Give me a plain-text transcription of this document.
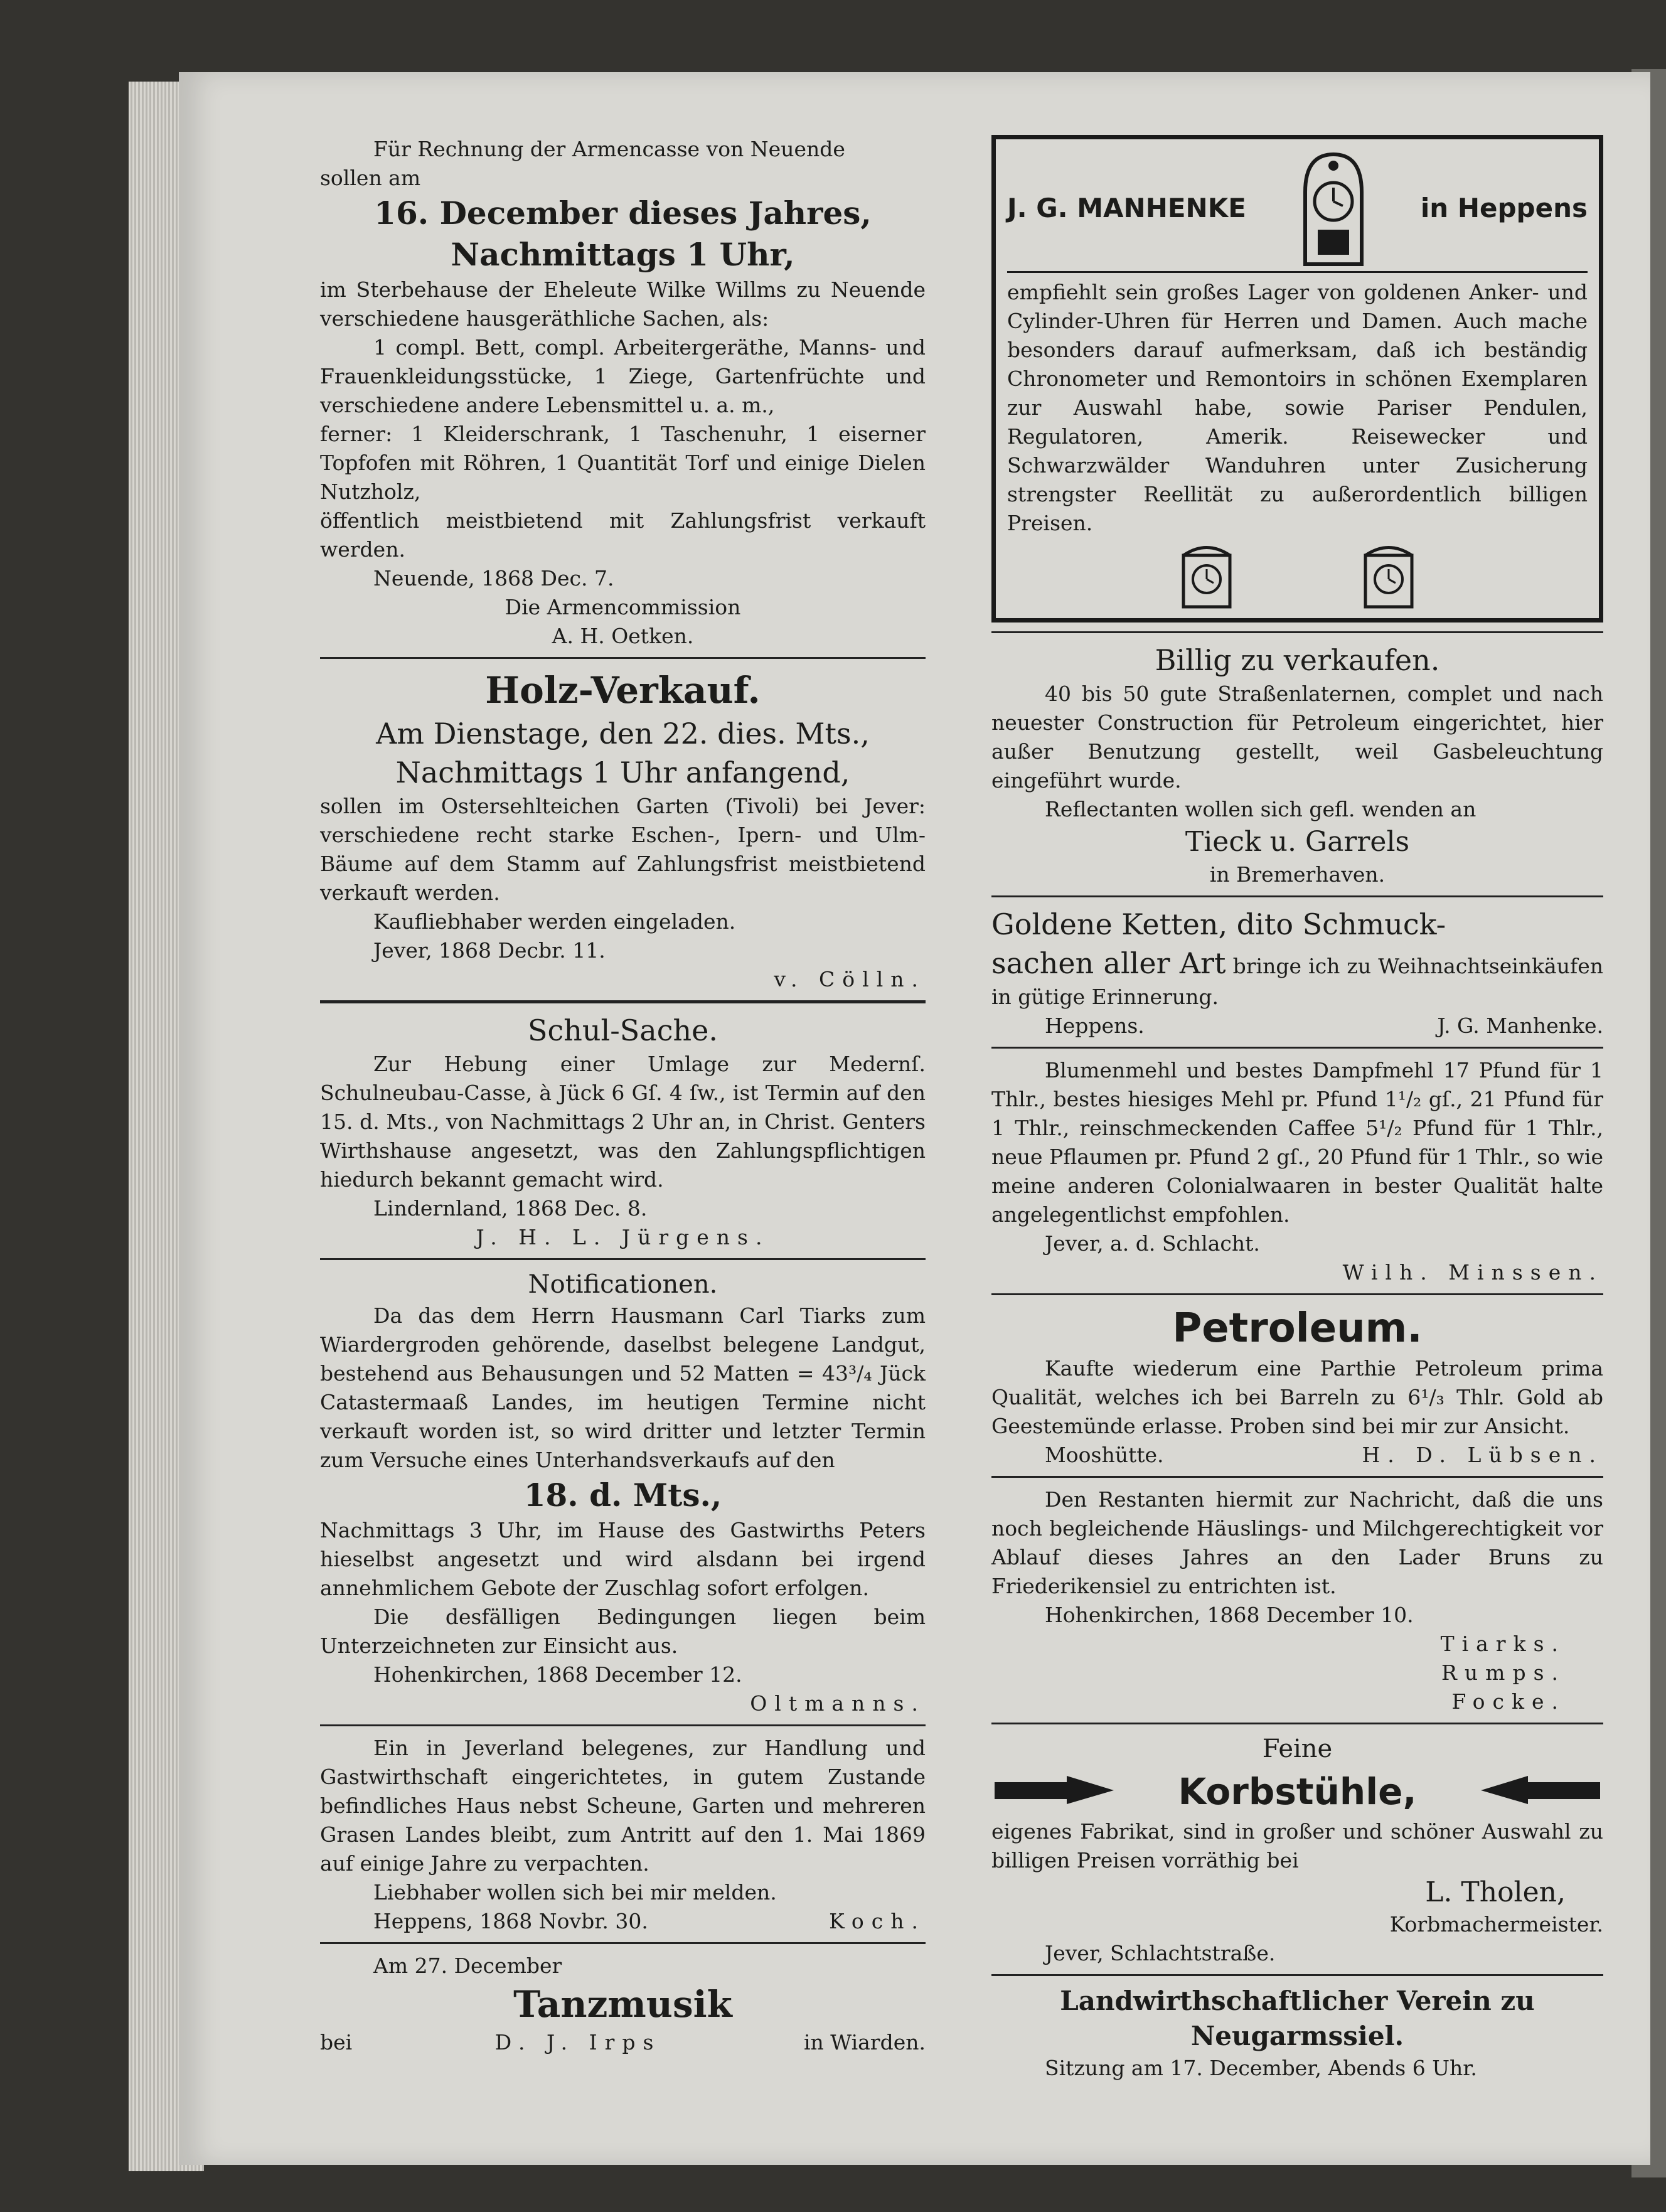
Für Rechnung der Armencasse von Neuende

sollen am

16. December dieses Jahres,

Nachmittags 1 Uhr,

im Sterbehause der Eheleute Wilke Willms zu Neuende verschiedene hausgeräthliche Sachen, als:

1 compl. Bett, compl. Arbeitergeräthe, Manns- und Frauenkleidungsstücke, 1 Ziege, Gartenfrüchte und verschiedene andere Lebensmittel u. a. m.,

ferner: 1 Kleiderschrank, 1 Taschenuhr, 1 eiserner Topfofen mit Röhren, 1 Quantität Torf und einige Dielen Nutzholz,

öffentlich meistbietend mit Zahlungsfrist verkauft werden.

Neuende, 1868 Dec. 7.

Die Armencommission

A. H. Oetken.

Holz-Verkauf.

Am Dienstage, den 22. dies. Mts.,

Nachmittags 1 Uhr anfangend,

sollen im Ostersehlteichen Garten (Tivoli) bei Jever: verschiedene recht starke Eschen-, Ipern- und Ulm-Bäume auf dem Stamm auf Zahlungsfrist meistbietend verkauft werden.

Kaufliebhaber werden eingeladen.

Jever, 1868 Decbr. 11.

v. Cölln.

Schul-Sache.

Zur Hebung einer Umlage zur Medernſ. Schulneubau-Casse, à Jück 6 Gſ. 4 ſw., ist Termin auf den 15. d. Mts., von Nachmittags 2 Uhr an, in Christ. Genters Wirthshause angesetzt, was den Zahlungspflichtigen hiedurch bekannt gemacht wird.

Lindernland, 1868 Dec. 8.

J. H. L. Jürgens.

Notificationen.

Da das dem Herrn Hausmann Carl Tiarks zum Wiardergroden gehörende, daselbst belegene Landgut, bestehend aus Behausungen und 52 Matten = 43³/₄ Jück Catastermaaß Landes, im heutigen Termine nicht verkauft worden ist, so wird dritter und letzter Termin zum Versuche eines Unterhandsverkaufs auf den

18. d. Mts.,

Nachmittags 3 Uhr, im Hause des Gastwirths Peters hieselbst angesetzt und wird alsdann bei irgend annehmlichem Gebote der Zuschlag sofort erfolgen.

Die desfälligen Bedingungen liegen beim Unterzeichneten zur Einsicht aus.

Hohenkirchen, 1868 December 12.

Oltmanns.

Ein in Jeverland belegenes, zur Handlung und Gastwirthschaft eingerichtetes, in gutem Zustande befindliches Haus nebst Scheune, Garten und mehreren Grasen Landes bleibt, zum Antritt auf den 1. Mai 1869 auf einige Jahre zu verpachten.

Liebhaber wollen sich bei mir melden.

Heppens, 1868 Novbr. 30.	Koch.

Am 27. December

Tanzmusik

bei	D. J. Irps	in Wiarden.

J. G. MANHENKE	in Heppens

empfiehlt sein großes Lager von goldenen Anker- und Cylinder-Uhren für Herren und Damen. Auch mache besonders darauf aufmerksam, daß ich beständig Chronometer und Remontoirs in schönen Exemplaren zur Auswahl habe, sowie Pariser Pendulen, Regulatoren, Amerik. Reisewecker und Schwarzwälder Wanduhren unter Zusicherung strengster Reellität zu außerordentlich billigen Preisen.

Billig zu verkaufen.

40 bis 50 gute Straßenlaternen, complet und nach neuester Construction für Petroleum eingerichtet, hier außer Benutzung gestellt, weil Gasbeleuchtung eingeführt wurde.

Reflectanten wollen sich gefl. wenden an

Tieck u. Garrels

in Bremerhaven.

Goldene Ketten, dito Schmuck-

sachen aller Art bringe ich zu Weihnachtseinkäufen in gütige Erinnerung.

Heppens.	J. G. Manhenke.

Blumenmehl und bestes Dampfmehl 17 Pfund für 1 Thlr., bestes hiesiges Mehl pr. Pfund 1¹/₂ gſ., 21 Pfund für 1 Thlr., reinschmeckenden Caffee 5¹/₂ Pfund für 1 Thlr., neue Pflaumen pr. Pfund 2 gſ., 20 Pfund für 1 Thlr., so wie meine anderen Colonialwaaren in bester Qualität halte angelegentlichst empfohlen.

Jever, a. d. Schlacht.

Wilh. Minssen.

Petroleum.

Kaufte wiederum eine Parthie Petroleum prima Qualität, welches ich bei Barreln zu 6¹/₃ Thlr. Gold ab Geestemünde erlasse. Proben sind bei mir zur Ansicht.

Mooshütte.	H. D. Lübsen.

Den Restanten hiermit zur Nachricht, daß die uns noch begleichende Häuslings- und Milchgerechtigkeit vor Ablauf dieses Jahres an den Lader Bruns zu Friederikensiel zu entrichten ist.

Hohenkirchen, 1868 December 10.

Tiarks.

Rumps.

Focke.

Feine

Korbstühle,

eigenes Fabrikat, sind in großer und schöner Auswahl zu billigen Preisen vorräthig bei

L. Tholen,

Korbmachermeister.

Jever, Schlachtstraße.

Landwirthschaftlicher Verein zu

Neugarmssiel.

Sitzung am 17. December, Abends 6 Uhr.
